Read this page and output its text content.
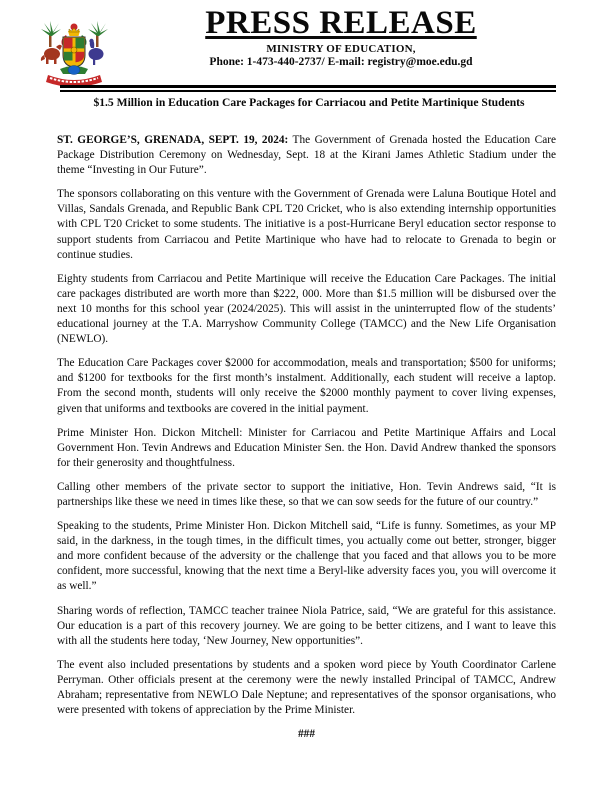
PRESS RELEASE
MINISTRY OF EDUCATION,
Phone: 1-473-440-2737/ E-mail: registry@moe.edu.gd
$1.5 Million in Education Care Packages for Carriacou and Petite Martinique Students

ST. GEORGE’S, GRENADA, SEPT. 19, 2024: The Government of Grenada hosted the Education Care Package Distribution Ceremony on Wednesday, Sept. 18 at the Kirani James Athletic Stadium under the theme “Investing in Our Future”.

The sponsors collaborating on this venture with the Government of Grenada were Laluna Boutique Hotel and Villas, Sandals Grenada, and Republic Bank CPL T20 Cricket, who is also extending internship opportunities with CPL T20 Cricket to some students. The initiative is a post-Hurricane Beryl education sector response to support students from Carriacou and Petite Martinique who have had to relocate to Grenada to begin or continue studies.

Eighty students from Carriacou and Petite Martinique will receive the Education Care Packages. The initial care packages distributed are worth more than $222, 000. More than $1.5 million will be disbursed over the next 10 months for this school year (2024/2025). This will assist in the uninterrupted flow of the students’ educational journey at the T.A. Marryshow Community College (TAMCC) and the New Life Organisation (NEWLO).

The Education Care Packages cover $2000 for accommodation, meals and transportation; $500 for uniforms; and $1200 for textbooks for the first month’s instalment. Additionally, each student will receive a laptop. From the second month, students will only receive the $2000 monthly payment to cover living expenses, given that uniforms and textbooks are covered in the initial payment.

Prime Minister Hon. Dickon Mitchell: Minister for Carriacou and Petite Martinique Affairs and Local Government Hon. Tevin Andrews and Education Minister Sen. the Hon. David Andrew thanked the sponsors for their generosity and thoughtfulness.

Calling other members of the private sector to support the initiative, Hon. Tevin Andrews said, “It is partnerships like these we need in times like these, so that we can sow seeds for the future of our country.”

Speaking to the students, Prime Minister Hon. Dickon Mitchell said, “Life is funny. Sometimes, as your MP said, in the darkness, in the tough times, in the difficult times, you actually come out better, stronger, bigger and more confident because of the adversity or the challenge that you faced and that allows you to be more confident, more successful, knowing that the next time a Beryl-like adversity faces you, you will overcome it as well.”

Sharing words of reflection, TAMCC teacher trainee Niola Patrice, said, “We are grateful for this assistance. Our education is a part of this recovery journey. We are going to be better citizens, and I want to leave this with all the students here today, ‘New Journey, New opportunities”.

The event also included presentations by students and a spoken word piece by Youth Coordinator Carlene Perryman. Other officials present at the ceremony were the newly installed Principal of TAMCC, Andrew Abraham; representative from NEWLO Dale Neptune; and representatives of the sponsor organisations, who were presented with tokens of appreciation by the Prime Minister.

###
